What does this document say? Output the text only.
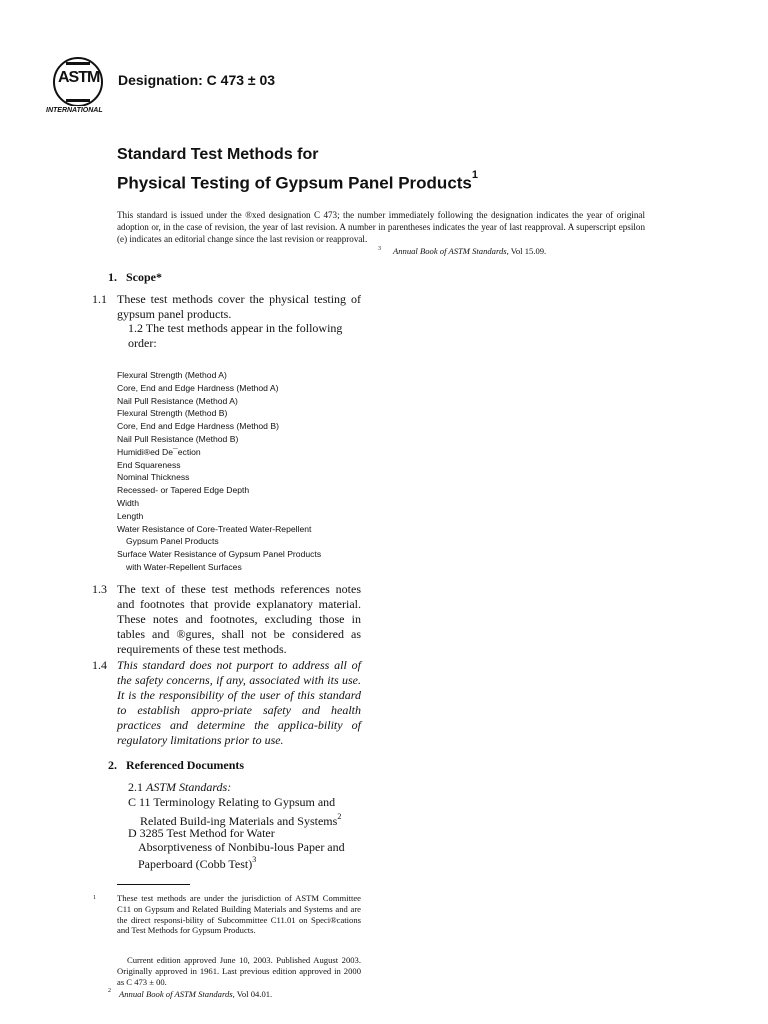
ASTM
INTERNATIONAL
Designation: C 473 ± 03
Standard Test Methods for
Physical Testing of Gypsum Panel Products$^1$
This standard is issued under the ®xed designation C 473; the number immediately following the designation indicates the year of original adoption or, in the case of revision, the year of last revision. A number in parentheses indicates the year of last reapproval. A superscript epsilon (e) indicates an editorial change since the last revision or reapproval.
$^3$ Annual Book of ASTM Standards, Vol 15.09.
1.   Scope*
1.1 These test methods cover the physical testing of gypsum panel products.
1.2 The test methods appear in the following order:
Flexural Strength (Method A)
Core, End and Edge Hardness (Method A)
Nail Pull Resistance (Method A)
Flexural Strength (Method B)
Core, End and Edge Hardness (Method B)
Nail Pull Resistance (Method B)
Humidi®ed De¯ection
End Squareness
Nominal Thickness
Recessed- or Tapered Edge Depth
Width
Length
Water Resistance of Core-Treated Water-Repellent
Gypsum Panel Products
Surface Water Resistance of Gypsum Panel Products
with Water-Repellent Surfaces
1.3 The text of these test methods references notes and footnotes that provide explanatory material. These notes and footnotes, excluding those in tables and ®gures, shall not be considered as requirements of these test methods.
1.4 This standard does not purport to address all of the safety concerns, if any, associated with its use. It is the responsibility of the user of this standard to establish appro-priate safety and health practices and determine the applica-bility of regulatory limitations prior to use.
2.   Referenced Documents
2.1 ASTM Standards:
C 11 Terminology Relating to Gypsum and
Related Build-ing Materials and Systems$^2$
D 3285 Test Method for Water
Absorptiveness of Nonbibu-lous Paper and
Paperboard (Cobb Test)$^3$
1 These test methods are under the jurisdiction of ASTM Committee C11 on Gypsum and Related Building Materials and Systems and are the direct responsi-bility of Subcommittee C11.01 on Speci®cations and Test Methods for Gypsum Products.
Current edition approved June 10, 2003. Published August 2003. Originally approved in 1961. Last previous edition approved in 2000 as C 473 ± 00.
2 Annual Book of ASTM Standards, Vol 04.01.
